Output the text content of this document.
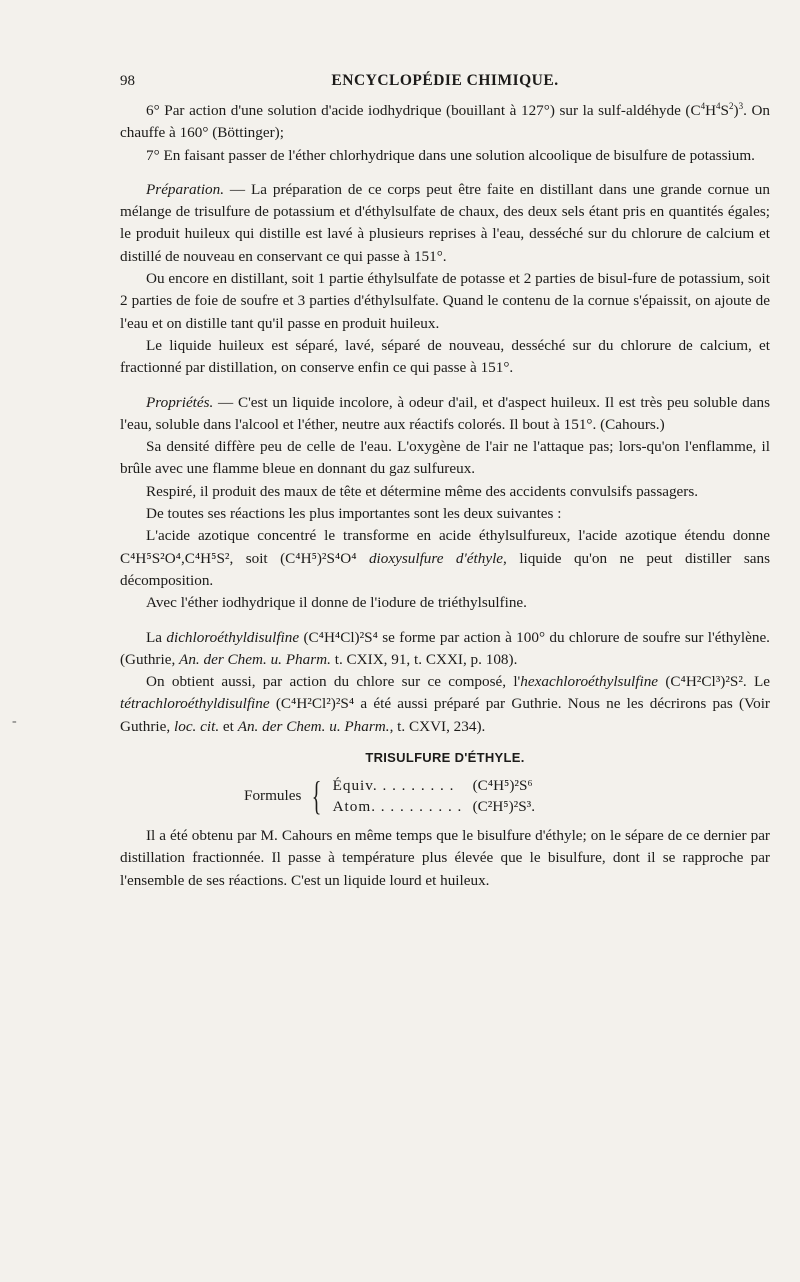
-
98	ENCYCLOPÉDIE CHIMIQUE.

6° Par action d'une solution d'acide iodhydrique (bouillant à 127°) sur la sulf-aldéhyde $(C^4H^4S^2)^3$. On chauffe à 160° (Böttinger);

7° En faisant passer de l'éther chlorhydrique dans une solution alcoolique de bisulfure de potassium.

Préparation. — La préparation de ce corps peut être faite en distillant dans une grande cornue un mélange de trisulfure de potassium et d'éthylsulfate de chaux, des deux sels étant pris en quantités égales; le produit huileux qui distille est lavé à plusieurs reprises à l'eau, desséché sur du chlorure de calcium et distillé de nouveau en conservant ce qui passe à 151°.

Ou encore en distillant, soit 1 partie éthylsulfate de potasse et 2 parties de bisul-fure de potassium, soit 2 parties de foie de soufre et 3 parties d'éthylsulfate. Quand le contenu de la cornue s'épaissit, on ajoute de l'eau et on distille tant qu'il passe en produit huileux.

Le liquide huileux est séparé, lavé, séparé de nouveau, desséché sur du chlorure de calcium, et fractionné par distillation, on conserve enfin ce qui passe à 151°.

Propriétés. — C'est un liquide incolore, à odeur d'ail, et d'aspect huileux. Il est très peu soluble dans l'eau, soluble dans l'alcool et l'éther, neutre aux réactifs colorés. Il bout à 151°. (Cahours.)

Sa densité diffère peu de celle de l'eau. L'oxygène de l'air ne l'attaque pas; lors-qu'on l'enflamme, il brûle avec une flamme bleue en donnant du gaz sulfureux.

Respiré, il produit des maux de tête et détermine même des accidents convulsifs passagers.

De toutes ses réactions les plus importantes sont les deux suivantes :

L'acide azotique concentré le transforme en acide éthylsulfureux, l'acide azotique étendu donne C⁴H⁵S²O⁴,C⁴H⁵S², soit (C⁴H⁵)²S⁴O⁴ dioxysulfure d'éthyle, liquide qu'on ne peut distiller sans décomposition.

Avec l'éther iodhydrique il donne de l'iodure de triéthylsulfine.

La dichloroéthyldisulfine (C⁴H⁴Cl)²S⁴ se forme par action à 100° du chlorure de soufre sur l'éthylène. (Guthrie, An. der Chem. u. Pharm. t. CXIX, 91, t. CXXI, p. 108).

On obtient aussi, par action du chlore sur ce composé, l'hexachloroéthylsulfine (C⁴H²Cl³)²S². Le tétrachloroéthyldisulfine (C⁴H²Cl²)²S⁴ a été aussi préparé par Guthrie. Nous ne les décrirons pas (Voir Guthrie, loc. cit. et An. der Chem. u. Pharm., t. CXVI, 234).

TRISULFURE D'ÉTHYLE.
Formules { Équiv. . . . . . . . .	(C⁴H⁵)²S⁶
Atom. . . . . . . . . . (C²H⁵)²S³.

Il a été obtenu par M. Cahours en même temps que le bisulfure d'éthyle; on le sépare de ce dernier par distillation fractionnée. Il passe à température plus élevée que le bisulfure, dont il se rapproche par l'ensemble de ses réactions. C'est un liquide lourd et huileux.
